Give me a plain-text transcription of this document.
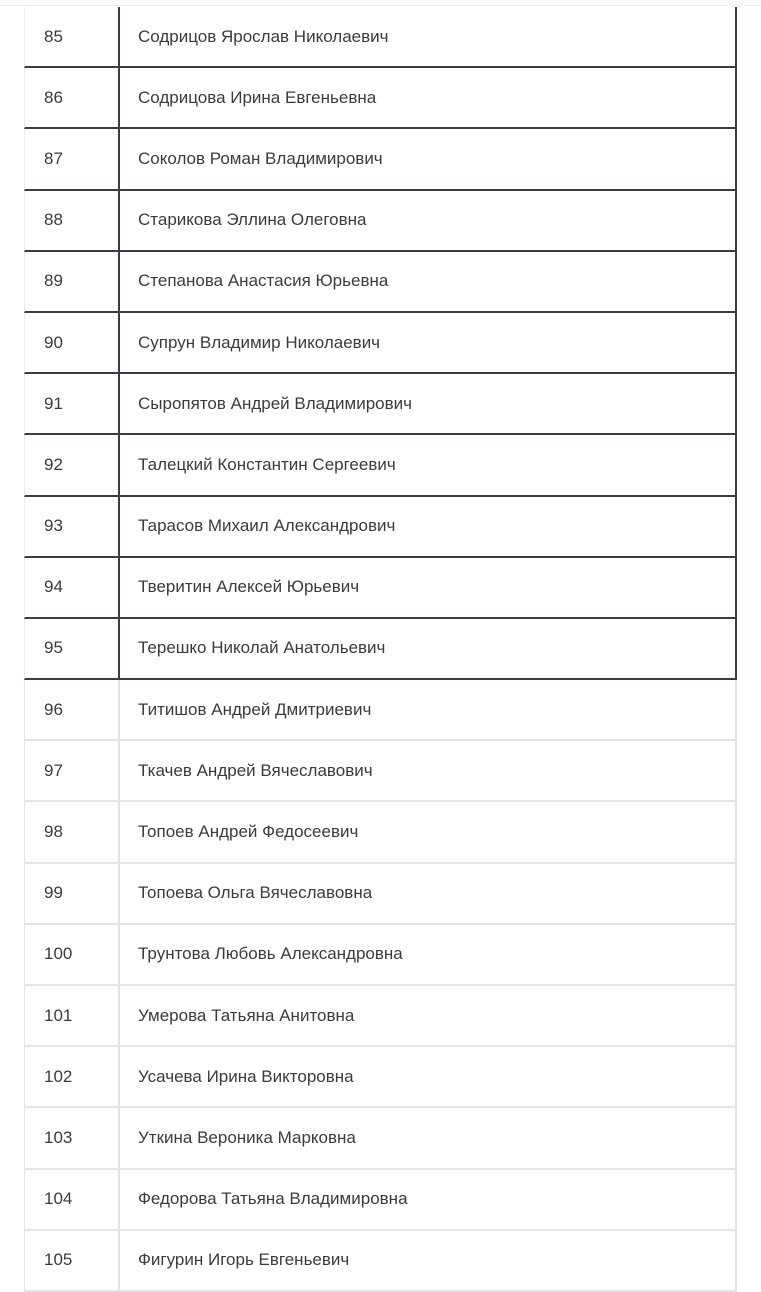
85	Содрицов Ярослав Николаевич
86	Содрицова Ирина Евгеньевна
87	Соколов Роман Владимирович
88	Старикова Эллина Олеговна
89	Степанова Анастасия Юрьевна
90	Супрун Владимир Николаевич
91	Сыропятов Андрей Владимирович
92	Талецкий Константин Сергеевич
93	Тарасов Михаил Александрович
94	Тверитин Алексей Юрьевич
95	Терешко Николай Анатольевич
96	Титишов Андрей Дмитриевич
97	Ткачев Андрей Вячеславович
98	Топоев Андрей Федосеевич
99	Топоева Ольга Вячеславовна
100	Трунтова Любовь Александровна
101	Умерова Татьяна Анитовна
102	Усачева Ирина Викторовна
103	Уткина Вероника Марковна
104	Федорова Татьяна Владимировна
105	Фигурин Игорь Евгеньевич
